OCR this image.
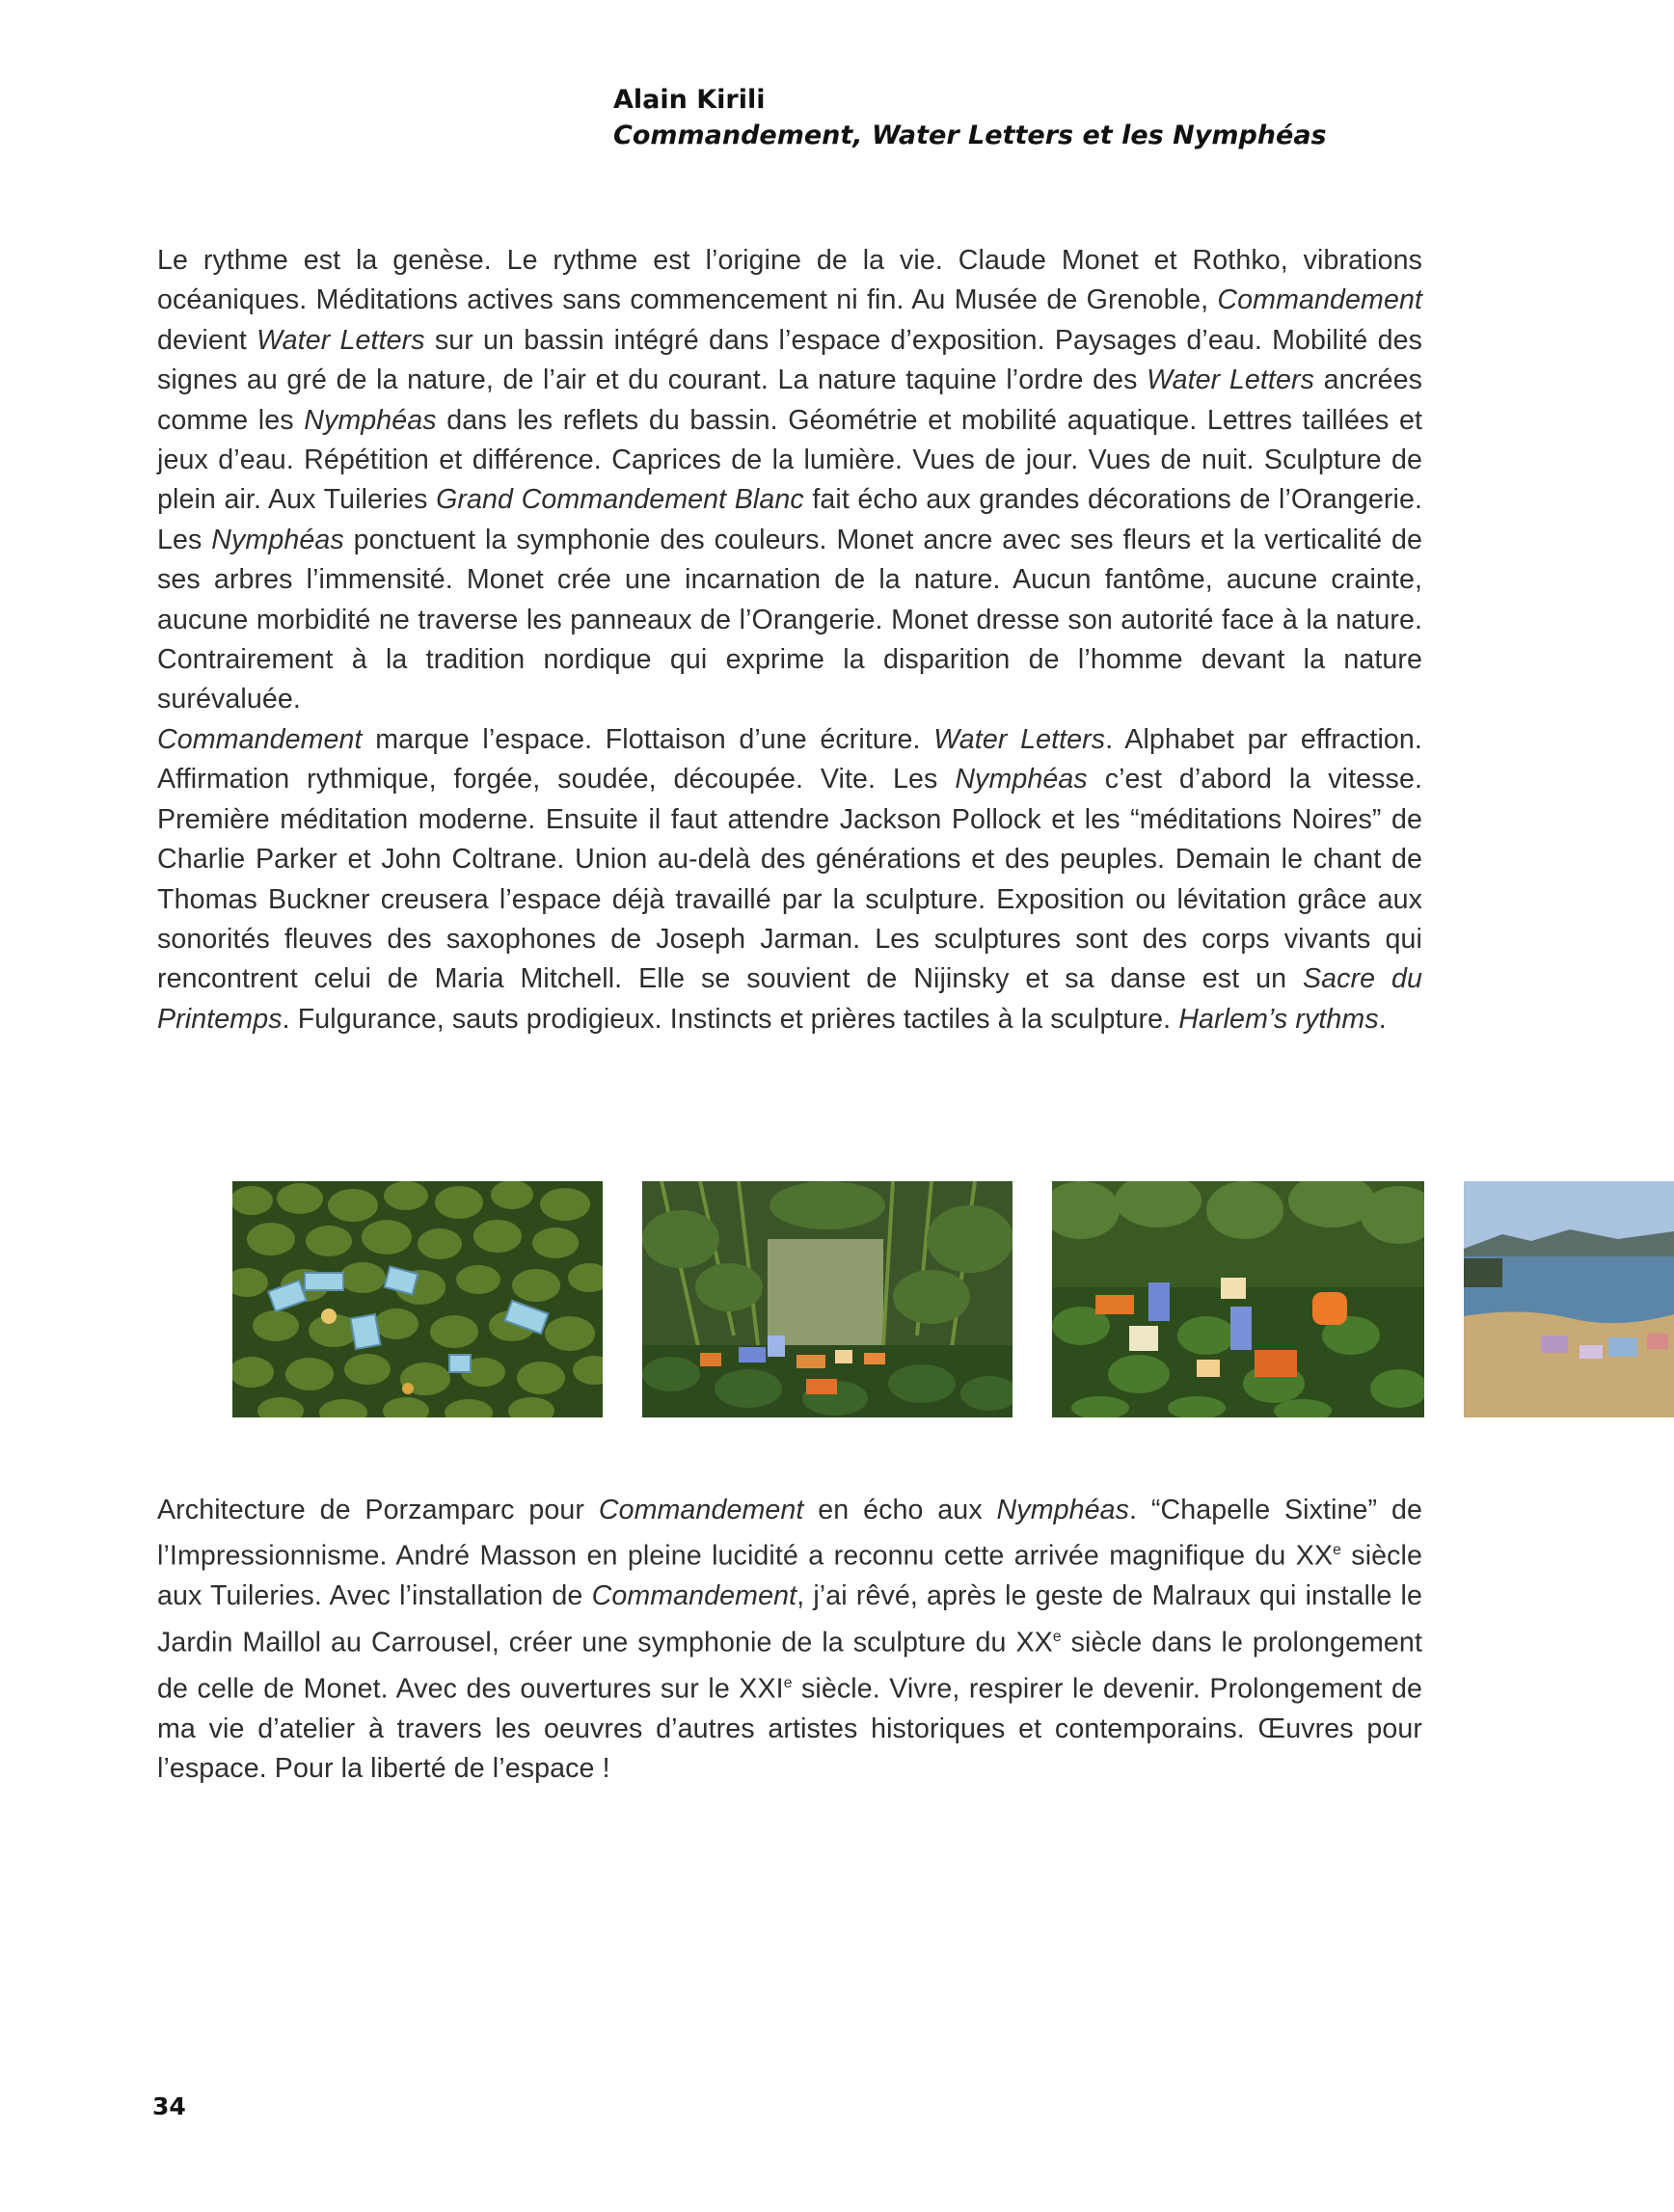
Alain Kirili
Commandement, Water Letters et les Nymphéas

Le rythme est la genèse. Le rythme est l’origine de la vie. Claude Monet et Rothko, vibrations océaniques. Méditations actives sans commencement ni fin. Au Musée de Grenoble, Commandement devient Water Letters sur un bassin intégré dans l’espace d’exposition. Paysages d’eau. Mobilité des signes au gré de la nature, de l’air et du courant. La nature taquine l’ordre des Water Letters ancrées comme les Nymphéas dans les reflets du bassin. Géométrie et mobilité aquatique. Lettres taillées et jeux d’eau. Répétition et différence. Caprices de la lumière. Vues de jour. Vues de nuit. Sculpture de plein air. Aux Tuileries Grand Commandement Blanc fait écho aux grandes décorations de l’Orangerie. Les Nymphéas ponctuent la symphonie des couleurs. Monet ancre avec ses fleurs et la verticalité de ses arbres l’immensité. Monet crée une incarnation de la nature. Aucun fantôme, aucune crainte, aucune morbidité ne traverse les panneaux de l’Orangerie. Monet dresse son autorité face à la nature. Contrairement à la tradition nordique qui exprime la disparition de l’homme devant la nature surévaluée.

Commandement marque l’espace. Flottaison d’une écriture. Water Letters. Alphabet par effraction. Affirmation rythmique, forgée, soudée, découpée. Vite. Les Nymphéas c’est d’abord la vitesse. Première méditation moderne. Ensuite il faut attendre Jackson Pollock et les “méditations Noires” de Charlie Parker et John Coltrane. Union au-delà des générations et des peuples. Demain le chant de Thomas Buckner creusera l’espace déjà travaillé par la sculpture. Exposition ou lévitation grâce aux sonorités fleuves des saxophones de Joseph Jarman. Les sculptures sont des corps vivants qui rencontrent celui de Maria Mitchell. Elle se souvient de Nijinsky et sa danse est un Sacre du Printemps. Fulgurance, sauts prodigieux. Instincts et prières tactiles à la sculpture. Harlem’s rythms.

Architecture de Porzamparc pour Commandement en écho aux Nymphéas. “Chapelle Sixtine” de l’Impressionnisme. André Masson en pleine lucidité a reconnu cette arrivée magnifique du XXe siècle aux Tuileries. Avec l’installation de Commandement, j’ai rêvé, après le geste de Malraux qui installe le Jardin Maillol au Carrousel, créer une symphonie de la sculpture du XXe siècle dans le prolongement de celle de Monet. Avec des ouvertures sur le XXIe siècle. Vivre, respirer le devenir. Prolongement de ma vie d’atelier à travers les oeuvres d’autres artistes historiques et contemporains. Œuvres pour l’espace. Pour la liberté de l’espace !

34
